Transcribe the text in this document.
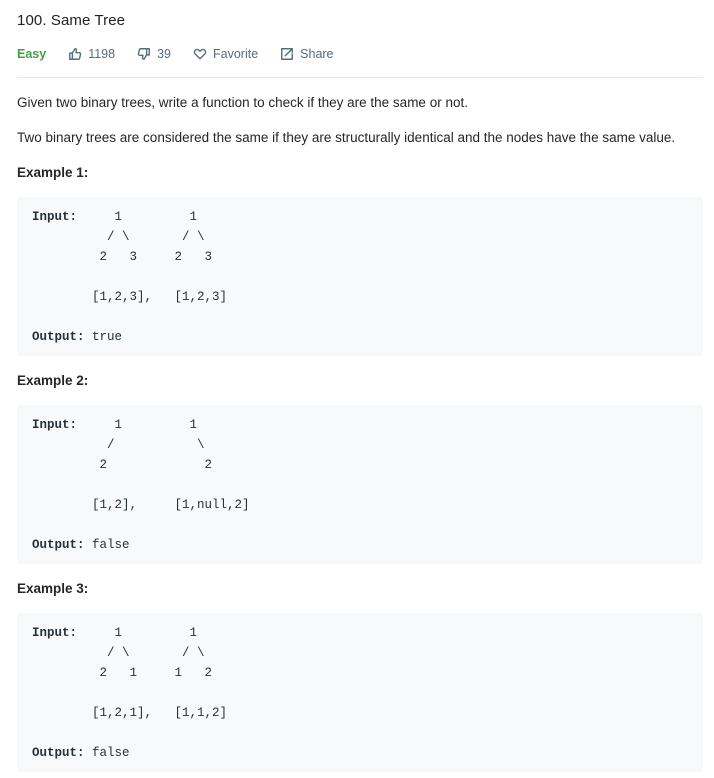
100. Same Tree
Easy	1198	39	Favorite	Share
Given two binary trees, write a function to check if they are the same or not.
Two binary trees are considered the same if they are structurally identical and the nodes have the same value.
Example 1:
Input:     1         1
/ \       / \
2   3     2   3
[1,2,3],   [1,2,3]
Output: true
Example 2:
Input:     1         1
/           \
2             2
[1,2],     [1,null,2]
Output: false
Example 3:
Input:     1         1
/ \       / \
2   1     1   2
[1,2,1],   [1,1,2]
Output: false
